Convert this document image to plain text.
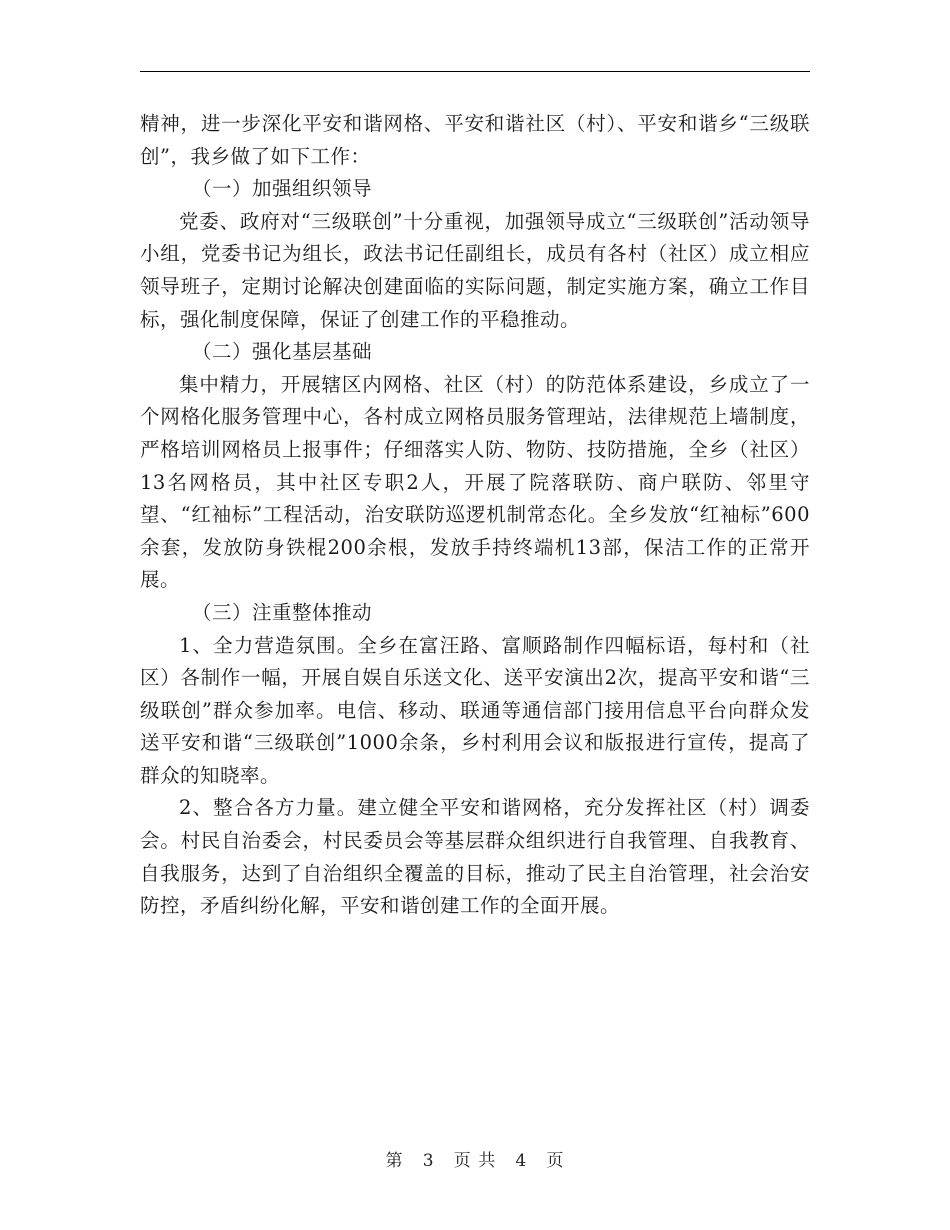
精神，进一步深化平安和谐网格、平安和谐社区（村）、平安和谐乡“三级联创”，我乡做了如下工作：

（一）加强组织领导

党委、政府对“三级联创”十分重视，加强领导成立“三级联创”活动领导小组，党委书记为组长，政法书记任副组长，成员有各村（社区）成立相应领导班子，定期讨论解决创建面临的实际问题，制定实施方案，确立工作目标，强化制度保障，保证了创建工作的平稳推动。

（二）强化基层基础

集中精力，开展辖区内网格、社区（村）的防范体系建设，乡成立了一个网格化服务管理中心，各村成立网格员服务管理站，法律规范上墙制度，严格培训网格员上报事件；仔细落实人防、物防、技防措施，全乡（社区）13名网格员，其中社区专职2人，开展了院落联防、商户联防、邻里守望、“红袖标”工程活动，治安联防巡逻机制常态化。全乡发放“红袖标”600余套，发放防身铁棍200余根，发放手持终端机13部，保洁工作的正常开展。

（三）注重整体推动

1、全力营造氛围。全乡在富汪路、富顺路制作四幅标语，每村和（社区）各制作一幅，开展自娱自乐送文化、送平安演出2次，提高平安和谐“三级联创”群众参加率。电信、移动、联通等通信部门接用信息平台向群众发送平安和谐“三级联创”1000余条，乡村利用会议和版报进行宣传，提高了群众的知晓率。

2、整合各方力量。建立健全平安和谐网格，充分发挥社区（村）调委会。村民自治委会，村民委员会等基层群众组织进行自我管理、自我教育、自我服务，达到了自治组织全覆盖的目标，推动了民主自治管理，社会治安防控，矛盾纠纷化解，平安和谐创建工作的全面开展。

第 3 页 共 4 页
